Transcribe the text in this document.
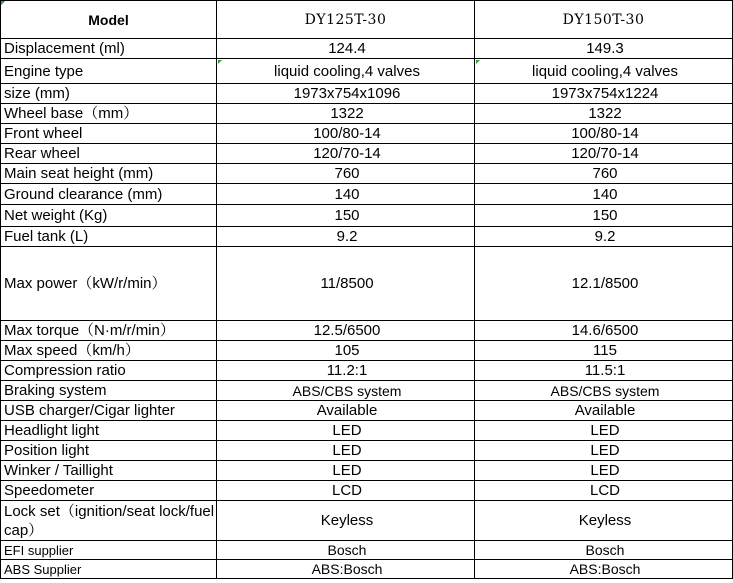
Model	DY125T-30	DY150T-30
Displacement (ml)	124.4	149.3
Engine type	liquid cooling,4 valves	liquid cooling,4 valves
size (mm)	1973x754x1096	1973x754x1224

Wheel base（mm）	1322	1322
Front wheel	100/80-14	100/80-14
Rear wheel	120/70-14	120/70-14
Main seat height (mm)	760	760
Ground clearance (mm)	140	140
Net weight (Kg)	150	150
Fuel tank (L)	9.2	9.2
Max power（kW/r/min）	11/8500	12.1/8500

Max torque（N·m/r/min）	12.5/6500	14.6/6500

Max speed（km/h）	105	115
Compression ratio	11.2:1	11.5:1
Braking system	ABS/CBS system	ABS/CBS system
USB charger/Cigar lighter	Available	Available
Headlight light	LED	LED
Position light	LED	LED
Winker / Taillight	LED	LED
Speedometer	LCD	LCD
Lock set（ignition/seat lock/fuel cap）	Keyless	Keyless
EFI supplier	Bosch	Bosch
ABS Supplier	ABS:Bosch	ABS:Bosch
